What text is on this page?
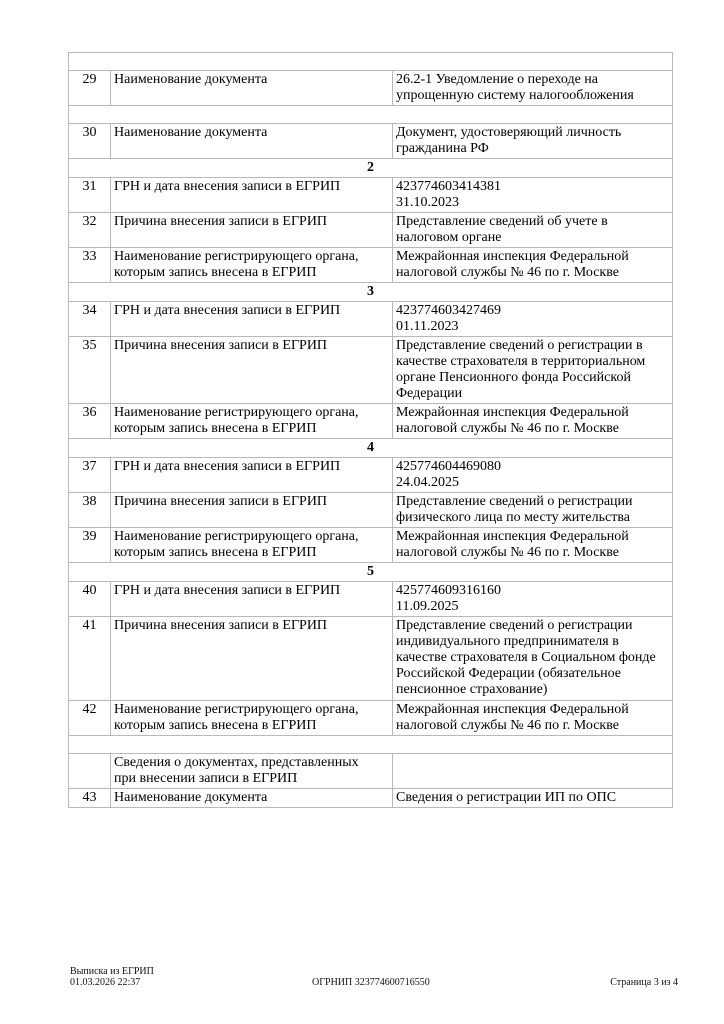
29	Наименование документа	26.2-1 Уведомление о переходе на
упрощенную систему налогообложения

30	Наименование документа	Документ, удостоверяющий личность
гражданина РФ
2		
31	ГРН и дата внесения записи в ЕГРИП	423774603414381
31.10.2023
32	Причина внесения записи в ЕГРИП	Представление сведений об учете в
налоговом органе
33	Наименование регистрирующего органа,
которым запись внесена в ЕГРИП	Межрайонная инспекция Федеральной
налоговой службы № 46 по г. Москве
3		
34	ГРН и дата внесения записи в ЕГРИП	423774603427469
01.11.2023
35	Причина внесения записи в ЕГРИП	Представление сведений о регистрации в
качестве страхователя в территориальном
органе Пенсионного фонда Российской
Федерации
36	Наименование регистрирующего органа,
которым запись внесена в ЕГРИП	Межрайонная инспекция Федеральной
налоговой службы № 46 по г. Москве
4		
37	ГРН и дата внесения записи в ЕГРИП	425774604469080
24.04.2025
38	Причина внесения записи в ЕГРИП	Представление сведений о регистрации
физического лица по месту жительства
39	Наименование регистрирующего органа,
которым запись внесена в ЕГРИП	Межрайонная инспекция Федеральной
налоговой службы № 46 по г. Москве
5		
40	ГРН и дата внесения записи в ЕГРИП	425774609316160
11.09.2025
41	Причина внесения записи в ЕГРИП	Представление сведений о регистрации
индивидуального предпринимателя в
качестве страхователя в Социальном фонде
Российской Федерации (обязательное
пенсионное страхование)
42	Наименование регистрирующего органа,
которым запись внесена в ЕГРИП	Межрайонная инспекция Федеральной
налоговой службы № 46 по г. Москве

	Сведения о документах, представленных
при внесении записи в ЕГРИП	
43	Наименование документа	Сведения о регистрации ИП по ОПС
Выписка из ЕГРИП
01.03.2026 22:37	ОГРНИП 323774600716550	Страница 3 из 4
